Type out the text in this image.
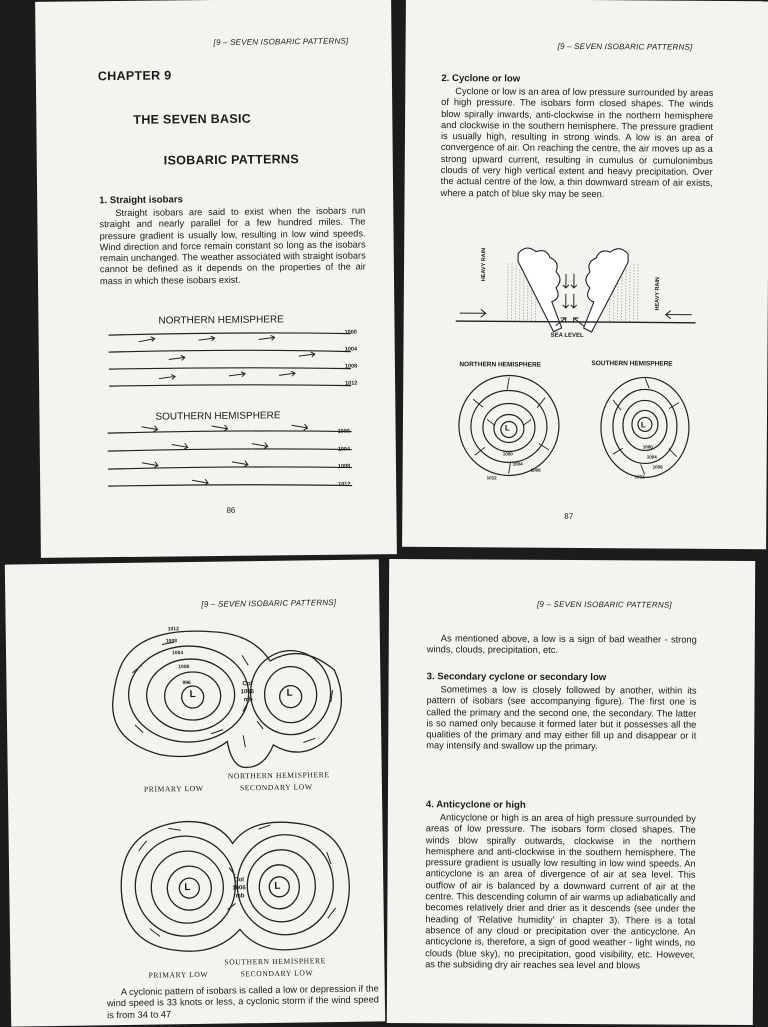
[9 – SEVEN ISOBARIC PATTERNS]
CHAPTER 9
THE SEVEN BASIC
ISOBARIC PATTERNS
1. Straight isobars
Straight isobars are said to exist when the isobars run straight and nearly parallel for a few hundred miles. The pressure gradient is usually low, resulting in low wind speeds. Wind direction and force remain constant so long as the isobars remain unchanged. The weather associated with straight isobars cannot be defined as it depends on the properties of the air mass in which these isobars exist.
NORTHERN HEMISPHERE
1000
1004
1008
1012
SOUTHERN HEMISPHERE
1000
1004
1008
1012
86
[9 – SEVEN ISOBARIC PATTERNS]
2. Cyclone or low
Cyclone or low is an area of low pressure surrounded by areas of high pressure. The isobars form closed shapes. The winds blow spirally inwards, anti-clockwise in the northern hemisphere and clockwise in the southern hemisphere. The pressure gradient is usually high, resulting in strong winds. A low is an area of convergence of air. On reaching the centre, the air moves up as a strong upward current, resulting in cumulus or cumulonimbus clouds of very high vertical extent and heavy precipitation. Over the actual centre of the low, a thin downward stream of air exists, where a patch of blue sky may be seen.
HEAVY RAIN
HEAVY RAIN
SEA LEVEL
NORTHERN HEMISPHERE	SOUTHERN HEMISPHERE
L
1000
1004
1008
1012
L
1000
1004
1008
1012
87
[9 – SEVEN ISOBARIC PATTERNS]
L	L
Col
1006
mb
996
1000
1004
1008
1012
NORTHERN HEMISPHERE
PRIMARY LOW	SECONDARY LOW
L	L
Col
1006
mb
SOUTHERN HEMISPHERE
PRIMARY LOW	SECONDARY LOW
A cyclonic pattern of isobars is called a low or depression if the wind speed is 33 knots or less, a cyclonic storm if the wind speed is from 34 to 47
[9 – SEVEN ISOBARIC PATTERNS]
As mentioned above, a low is a sign of bad weather - strong winds, clouds, precipitation, etc.
3. Secondary cyclone or secondary low
Sometimes a low is closely followed by another, within its pattern of isobars (see accompanying figure). The first one is called the primary and the second one, the secondary. The latter is so named only because it formed later but it possesses all the qualities of the primary and may either fill up and disappear or it may intensify and swallow up the primary.
4. Anticyclone or high
Anticyclone or high is an area of high pressure surrounded by areas of low pressure. The isobars form closed shapes. The winds blow spirally outwards, clockwise in the northern hemisphere and anti-clockwise in the southern hemisphere. The pressure gradient is usually low resulting in low wind speeds. An anticyclone is an area of divergence of air at sea level. This outflow of air is balanced by a downward current of air at the centre. This descending column of air warms up adiabatically and becomes relatively drier and drier as it descends (see under the heading of 'Relative humidity' in chapter 3). There is a total absence of any cloud or precipitation over the anticyclone. An anticyclone is, therefore, a sign of good weather - light winds, no clouds (blue sky), no precipitation, good visibility, etc. However, as the subsiding dry air reaches sea level and blows
